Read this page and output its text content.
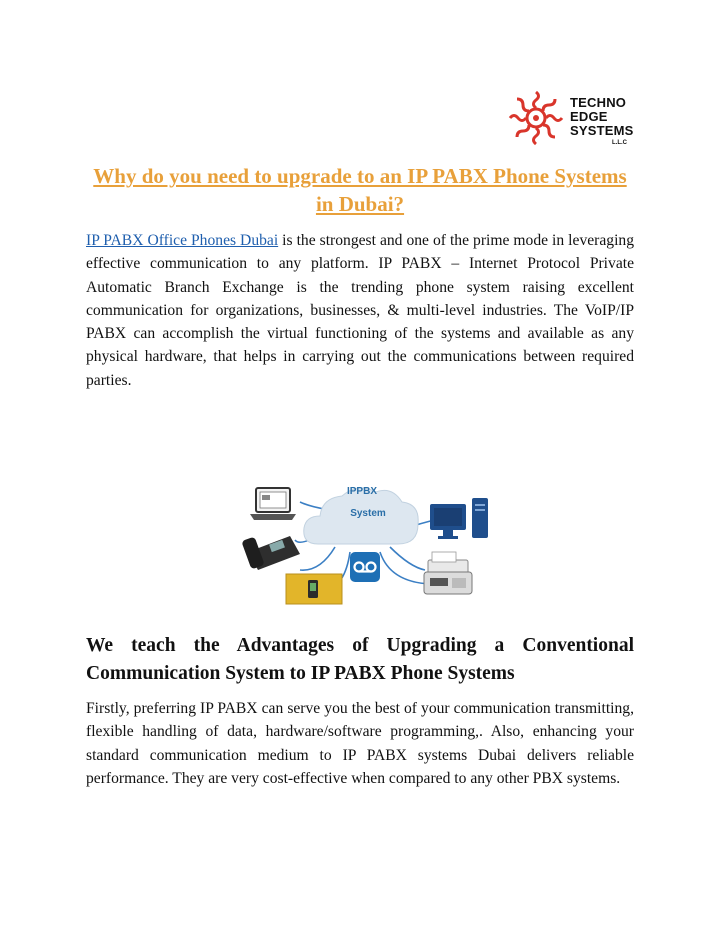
TECHNO
EDGE
SYSTEMS
L.L.C
Why do you need to upgrade to an IP PABX Phone Systems in Dubai?
IP PABX Office Phones Dubai is the strongest and one of the prime mode in leveraging effective communication to any platform. IP PABX – Internet Protocol Private Automatic Branch Exchange is the trending phone system raising excellent communication for organizations, businesses, & multi-level industries. The VoIP/IP PABX can accomplish the virtual functioning of the systems and available as any physical hardware, that helps in carrying out the communications between required parties.
IPPBX
System
We teach the Advantages of Upgrading a Conventional Communication System to IP PABX Phone Systems
Firstly, preferring IP PABX can serve you the best of your communication transmitting, flexible handling of data, hardware/software programming,. Also, enhancing your standard communication medium to IP PABX systems Dubai delivers reliable performance. They are very cost-effective when compared to any other PBX systems.
